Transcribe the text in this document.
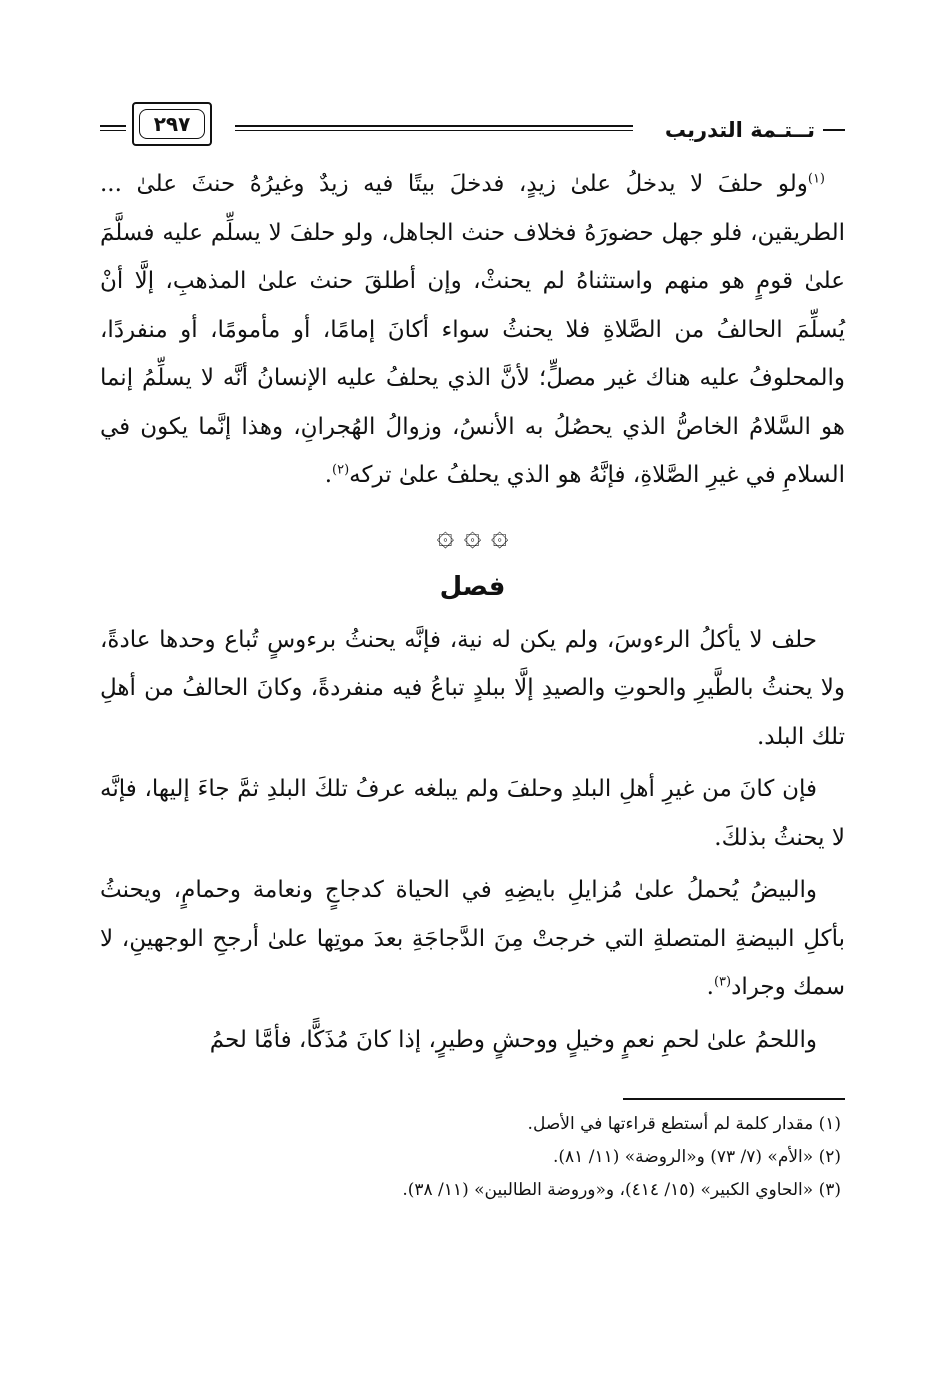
تــتـمة التدريب
٢٩٧

$^{(١)}$ولو حلفَ لا يدخلُ علىٰ زيدٍ، فدخلَ بيتًا فيه زيدٌ وغيرُهُ حنثَ علىٰ ... الطريقين، فلو جهل حضورَهُ فخلاف حنث الجاهل، ولو حلفَ لا يسلِّم عليه فسلَّمَ علىٰ قومٍ هو منهم واستثناهُ لم يحنثْ، وإن أطلقَ حنث علىٰ المذهبِ، إلَّا أنْ يُسلِّمَ الحالفُ من الصَّلاةِ فلا يحنثُ سواء أكانَ إمامًا، أو مأمومًا، أو منفردًا، والمحلوفُ عليه هناك غير مصلٍّ؛ لأنَّ الذي يحلفُ عليه الإنسانُ أنَّه لا يسلِّمُ إنما هو السَّلامُ الخاصُّ الذي يحصُلُ به الأنسُ، وزوالُ الهُجرانِ، وهذا إنَّما يكون في السلامِ في غيرِ الصَّلاةِ، فإنَّهُ هو الذي يحلفُ علىٰ تركه$^{(٢)}$.

۞ ۞ ۞
فصل

حلف لا يأكلُ الرءوسَ، ولم يكن له نية، فإنَّه يحنثُ برءوسٍ تُباع وحدها عادةً، ولا يحنثُ بالطَّيرِ والحوتِ والصيدِ إلَّا ببلدٍ تباعُ فيه منفردةً، وكانَ الحالفُ من أهلِ تلك البلد.

فإن كانَ من غيرِ أهلِ البلدِ وحلفَ ولم يبلغه عرفُ تلكَ البلدِ ثمَّ جاءَ إليها، فإنَّه لا يحنثُ بذلكَ.

والبيضُ يُحملُ علىٰ مُزايلِ بايضِهِ في الحياة كدجاجٍ ونعامة وحمامٍ، ويحنثُ بأكلِ البيضةِ المتصلةِ التي خرجتْ مِنَ الدَّجاجَةِ بعدَ موتِها علىٰ أرجحِ الوجهينِ، لا سمك وجراد$^{(٣)}$.

واللحمُ علىٰ لحمِ نعمٍ وخيلٍ ووحشٍ وطيرٍ، إذا كانَ مُذَكًّا، فأمَّا لحمُ

(١) مقدار كلمة لم أستطع قراءتها في الأصل.

(٢) «الأم» (٧/ ٧٣) و«الروضة» (١١/ ٨١).

(٣) «الحاوي الكبير» (١٥/ ٤١٤)، و«وروضة الطالبين» (١١/ ٣٨).
